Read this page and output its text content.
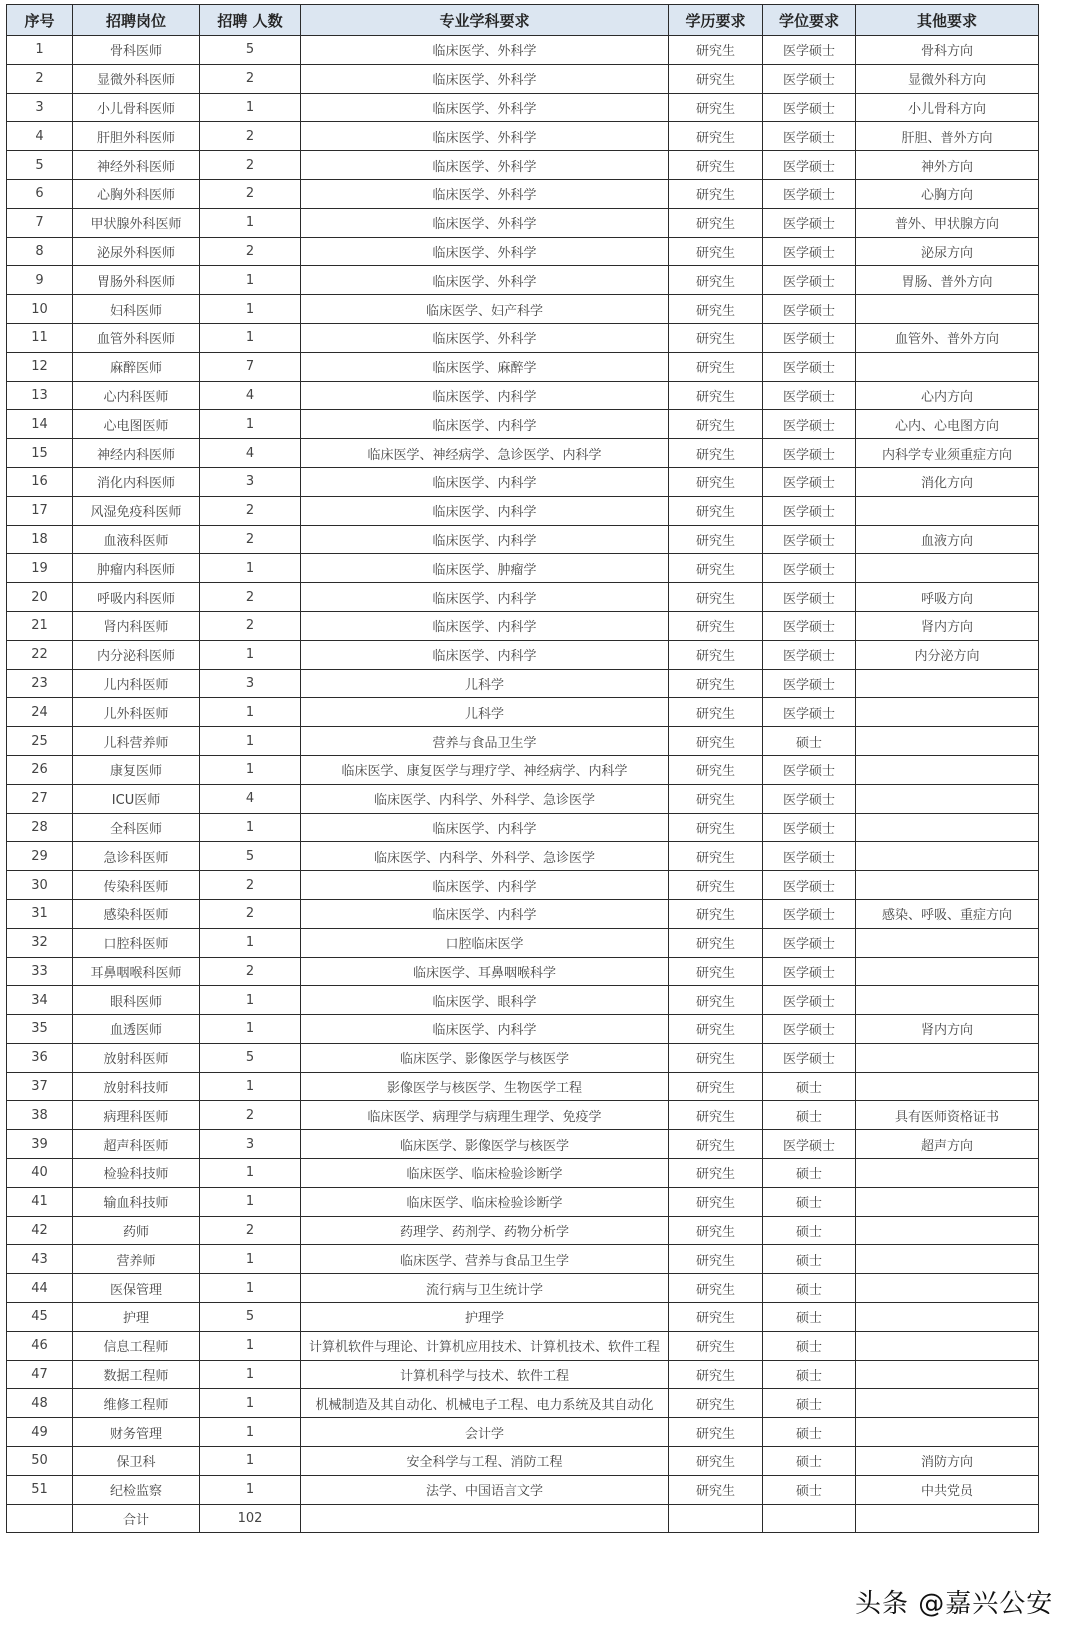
序号	招聘岗位	招聘 人数	专业学科要求	学历要求	学位要求	其他要求
1	骨科医师	5	临床医学、外科学	研究生	医学硕士	骨科方向
2	显微外科医师	2	临床医学、外科学	研究生	医学硕士	显微外科方向
3	小儿骨科医师	1	临床医学、外科学	研究生	医学硕士	小儿骨科方向
4	肝胆外科医师	2	临床医学、外科学	研究生	医学硕士	肝胆、普外方向
5	神经外科医师	2	临床医学、外科学	研究生	医学硕士	神外方向
6	心胸外科医师	2	临床医学、外科学	研究生	医学硕士	心胸方向
7	甲状腺外科医师	1	临床医学、外科学	研究生	医学硕士	普外、甲状腺方向
8	泌尿外科医师	2	临床医学、外科学	研究生	医学硕士	泌尿方向
9	胃肠外科医师	1	临床医学、外科学	研究生	医学硕士	胃肠、普外方向
10	妇科医师	1	临床医学、妇产科学	研究生	医学硕士	
11	血管外科医师	1	临床医学、外科学	研究生	医学硕士	血管外、普外方向
12	麻醉医师	7	临床医学、麻醉学	研究生	医学硕士	
13	心内科医师	4	临床医学、内科学	研究生	医学硕士	心内方向
14	心电图医师	1	临床医学、内科学	研究生	医学硕士	心内、心电图方向
15	神经内科医师	4	临床医学、神经病学、急诊医学、内科学	研究生	医学硕士	内科学专业须重症方向
16	消化内科医师	3	临床医学、内科学	研究生	医学硕士	消化方向
17	风湿免疫科医师	2	临床医学、内科学	研究生	医学硕士	
18	血液科医师	2	临床医学、内科学	研究生	医学硕士	血液方向
19	肿瘤内科医师	1	临床医学、肿瘤学	研究生	医学硕士	
20	呼吸内科医师	2	临床医学、内科学	研究生	医学硕士	呼吸方向
21	肾内科医师	2	临床医学、内科学	研究生	医学硕士	肾内方向
22	内分泌科医师	1	临床医学、内科学	研究生	医学硕士	内分泌方向
23	儿内科医师	3	儿科学	研究生	医学硕士	
24	儿外科医师	1	儿科学	研究生	医学硕士	
25	儿科营养师	1	营养与食品卫生学	研究生	硕士	
26	康复医师	1	临床医学、康复医学与理疗学、神经病学、内科学	研究生	医学硕士	
27	ICU医师	4	临床医学、内科学、外科学、急诊医学	研究生	医学硕士	
28	全科医师	1	临床医学、内科学	研究生	医学硕士	
29	急诊科医师	5	临床医学、内科学、外科学、急诊医学	研究生	医学硕士	
30	传染科医师	2	临床医学、内科学	研究生	医学硕士	
31	感染科医师	2	临床医学、内科学	研究生	医学硕士	感染、呼吸、重症方向
32	口腔科医师	1	口腔临床医学	研究生	医学硕士	
33	耳鼻咽喉科医师	2	临床医学、耳鼻咽喉科学	研究生	医学硕士	
34	眼科医师	1	临床医学、眼科学	研究生	医学硕士	
35	血透医师	1	临床医学、内科学	研究生	医学硕士	肾内方向
36	放射科医师	5	临床医学、影像医学与核医学	研究生	医学硕士	
37	放射科技师	1	影像医学与核医学、生物医学工程	研究生	硕士	
38	病理科医师	2	临床医学、病理学与病理生理学、免疫学	研究生	硕士	具有医师资格证书
39	超声科医师	3	临床医学、影像医学与核医学	研究生	医学硕士	超声方向
40	检验科技师	1	临床医学、临床检验诊断学	研究生	硕士	
41	输血科技师	1	临床医学、临床检验诊断学	研究生	硕士	
42	药师	2	药理学、药剂学、药物分析学	研究生	硕士	
43	营养师	1	临床医学、营养与食品卫生学	研究生	硕士	
44	医保管理	1	流行病与卫生统计学	研究生	硕士	
45	护理	5	护理学	研究生	硕士	
46	信息工程师	1	计算机软件与理论、计算机应用技术、计算机技术、软件工程	研究生	硕士	
47	数据工程师	1	计算机科学与技术、软件工程	研究生	硕士	
48	维修工程师	1	机械制造及其自动化、机械电子工程、电力系统及其自动化	研究生	硕士	
49	财务管理	1	会计学	研究生	硕士	
50	保卫科	1	安全科学与工程、消防工程	研究生	硕士	消防方向
51	纪检监察	1	法学、中国语言文学	研究生	硕士	中共党员
	合计	102				
头条 @嘉兴公安
